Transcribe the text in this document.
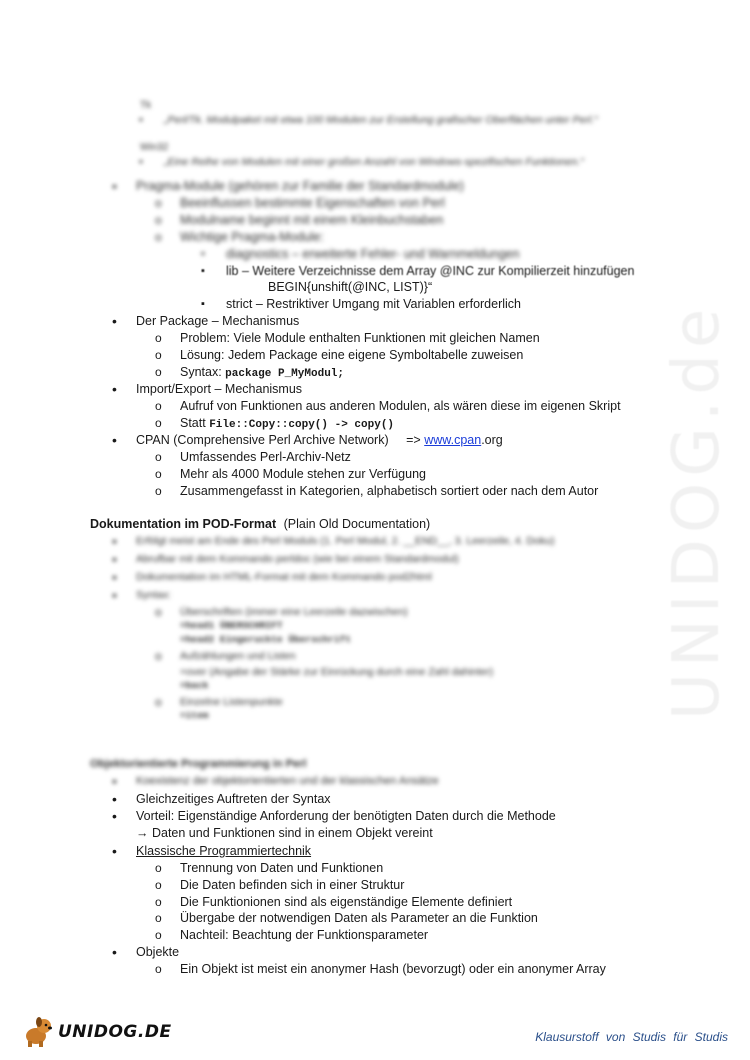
UNIDOG.de
Tk
▪ „Perl/Tk. Modulpaket mit etwa 100 Modulen zur Erstellung grafischer Oberflächen unter Perl.“
Win32
▪ „Eine Reihe von Modulen mit einer großen Anzahl von Windows-spezifischen Funktionen.“
• Pragma-Module (gehören zur Familie der Standardmodule)
o Beeinflussen bestimmte Eigenschaften von Perl
o Modulname beginnt mit einem Kleinbuchstaben
o Wichtige Pragma-Module:
▪ diagnostics – erweiterte Fehler- und Warnmeldungen
▪ lib – Weitere Verzeichnisse dem Array @INC zur Kompilierzeit hinzufügen
BEGIN{unshift(@INC, LIST)}“
▪ strict – Restriktiver Umgang mit Variablen erforderlich
• Der Package – Mechanismus
o Problem: Viele Module enthalten Funktionen mit gleichen Namen
o Lösung: Jedem Package eine eigene Symboltabelle zuweisen
o Syntax: package P_MyModul;
• Import/Export – Mechanismus
o Aufruf von Funktionen aus anderen Modulen, als wären diese im eigenen Skript
o Statt File::Copy::copy() -> copy()
• CPAN (Comprehensive Perl Archive Network) => www.cpan.org
o Umfassendes Perl-Archiv-Netz
o Mehr als 4000 Module stehen zur Verfügung
o Zusammengefasst in Kategorien, alphabetisch sortiert oder nach dem Autor
Dokumentation im POD-Format (Plain Old Documentation)
• Erfölgt meist am Ende des Perl Moduls (1. Perl Modul, 2. __END__, 3. Leerzeile, 4. Doku)
• Abrufbar mit dem Kommando perldoc (wie bei einem Standardmodul)
• Dokumentation im HTML-Format mit dem Kommando pod2html
• Syntax:
o Überschriften (immer eine Leerzeile dazwischen)
=head1 ÜBERSCHRIFT
=head2 Eingeruckte Überschrift
o Aufzählungen und Listen
=over (Angabe der Stärke zur Einrückung durch eine Zahl dahinter)
=back
o Einzelne Listenpunkte
=item
Objektorientierte Programmierung in Perl
• Koexistenz der objektorientierten und der klassischen Ansätze
• Gleichzeitiges Auftreten der Syntax
• Vorteil: Eigenständige Anforderung der benötigten Daten durch die Methode
→ Daten und Funktionen sind in einem Objekt vereint
• Klassische Programmiertechnik
o Trennung von Daten und Funktionen
o Die Daten befinden sich in einer Struktur
o Die Funktionionen sind als eigenständige Elemente definiert
o Übergabe der notwendigen Daten als Parameter an die Funktion
o Nachteil: Beachtung der Funktionsparameter
• Objekte
o Ein Objekt ist meist ein anonymer Hash (bevorzugt) oder ein anonymer Array
UNIDOG.DE	Klausurstoff von Studis für Studis
